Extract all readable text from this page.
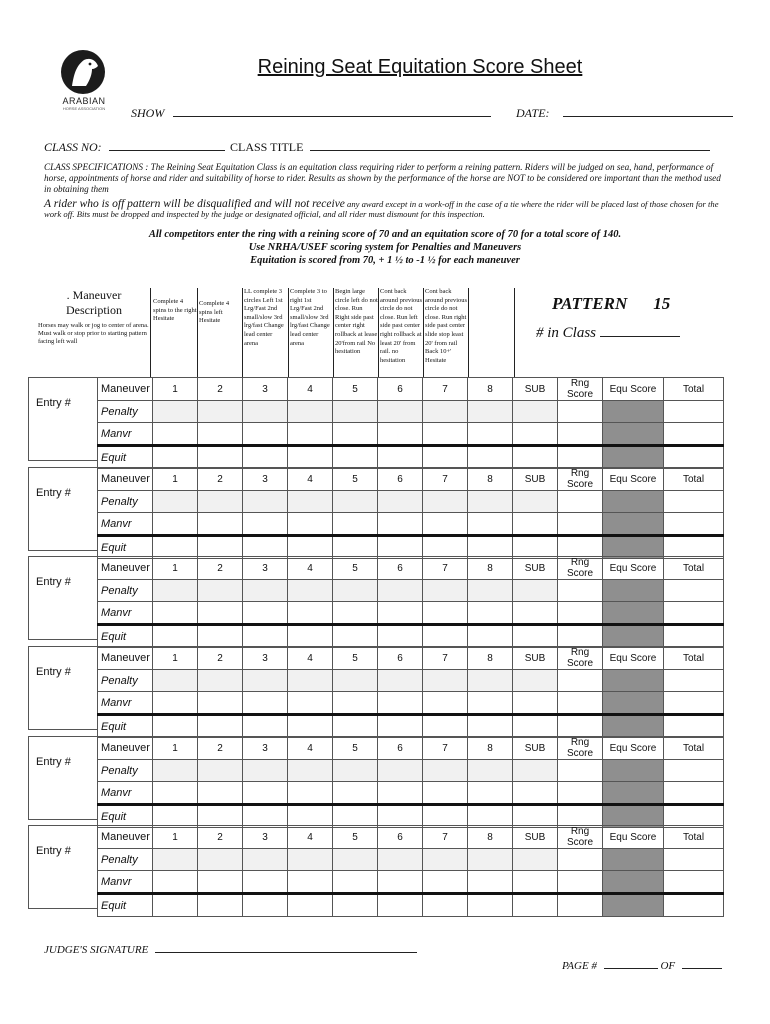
ARABIAN
HORSE ASSOCIATION
Reining Seat Equitation Score Sheet
SHOW	DATE:
CLASS NO:	CLASS TITLE
CLASS SPECIFICATIONS : The Reining Seat Equitation Class is an equitation class requiring rider to perform a reining pattern. Riders will be judged on sea, hand, performance of horse, appointments of horse and rider and suitability of horse to rider. Results as shown by the performance of the horse are NOT to be considered ore important than the method used in obtaining them
A rider who is off pattern will be disqualified and will not receive any award except in a work-off in the case of a tie where the rider will be placed last of those chosen for the work off. Bits must be dropped and inspected by the judge or designated official, and all rider must dismount for this inspection.
All competitors enter the ring with a reining score of 70 and an equitation score of 70 for a total score of 140.
Use NRHA/USEF scoring system for Penalties and Maneuvers
Equitation is scored from 70, + 1 ½ to -1 ½ for each maneuver
. Maneuver Description
Horses may walk or jog to center of arena. Must walk or stop prior to starting pattern facing left wall
Complete 4 spins to the right Hesitate
Complete 4 spins left Hesitate
LL complete 3 circles Left 1st Lrg/Fast 2nd small/slow 3rd lrg/fast Change lead center arena
Complete 3 to right 1st Lrg/Fast 2nd small/slow 3rd lrg/fast Change lead center arena
Begin large circle left do not close. Run Right side past center right rollback at lease 20'from rail No hesitation
Cont back around previous circle do not close. Run left side past center right rollback at least 20' from rail. no hesitation
Cont back around previous circle do not close. Run right side past center slide stop least 20' from rail Back 10+' Hesitate
PATTERN 15
# in Class
Entry #
Maneuver	1	2	3	4	5	6	7	8	SUB	Rng Score	Equ Score	Total
Penalty												
Manvr												
Equit												
Entry #
Maneuver	1	2	3	4	5	6	7	8	SUB	Rng Score	Equ Score	Total
Penalty												
Manvr												
Equit												
Entry #
Maneuver	1	2	3	4	5	6	7	8	SUB	Rng Score	Equ Score	Total
Penalty												
Manvr												
Equit												
Entry #
Maneuver	1	2	3	4	5	6	7	8	SUB	Rng Score	Equ Score	Total
Penalty												
Manvr												
Equit												
Entry #
Maneuver	1	2	3	4	5	6	7	8	SUB	Rng Score	Equ Score	Total
Penalty												
Manvr												
Equit												
Entry #
Maneuver	1	2	3	4	5	6	7	8	SUB	Rng Score	Equ Score	Total
Penalty												
Manvr												
Equit												
JUDGE'S SIGNATURE
PAGE #	OF
